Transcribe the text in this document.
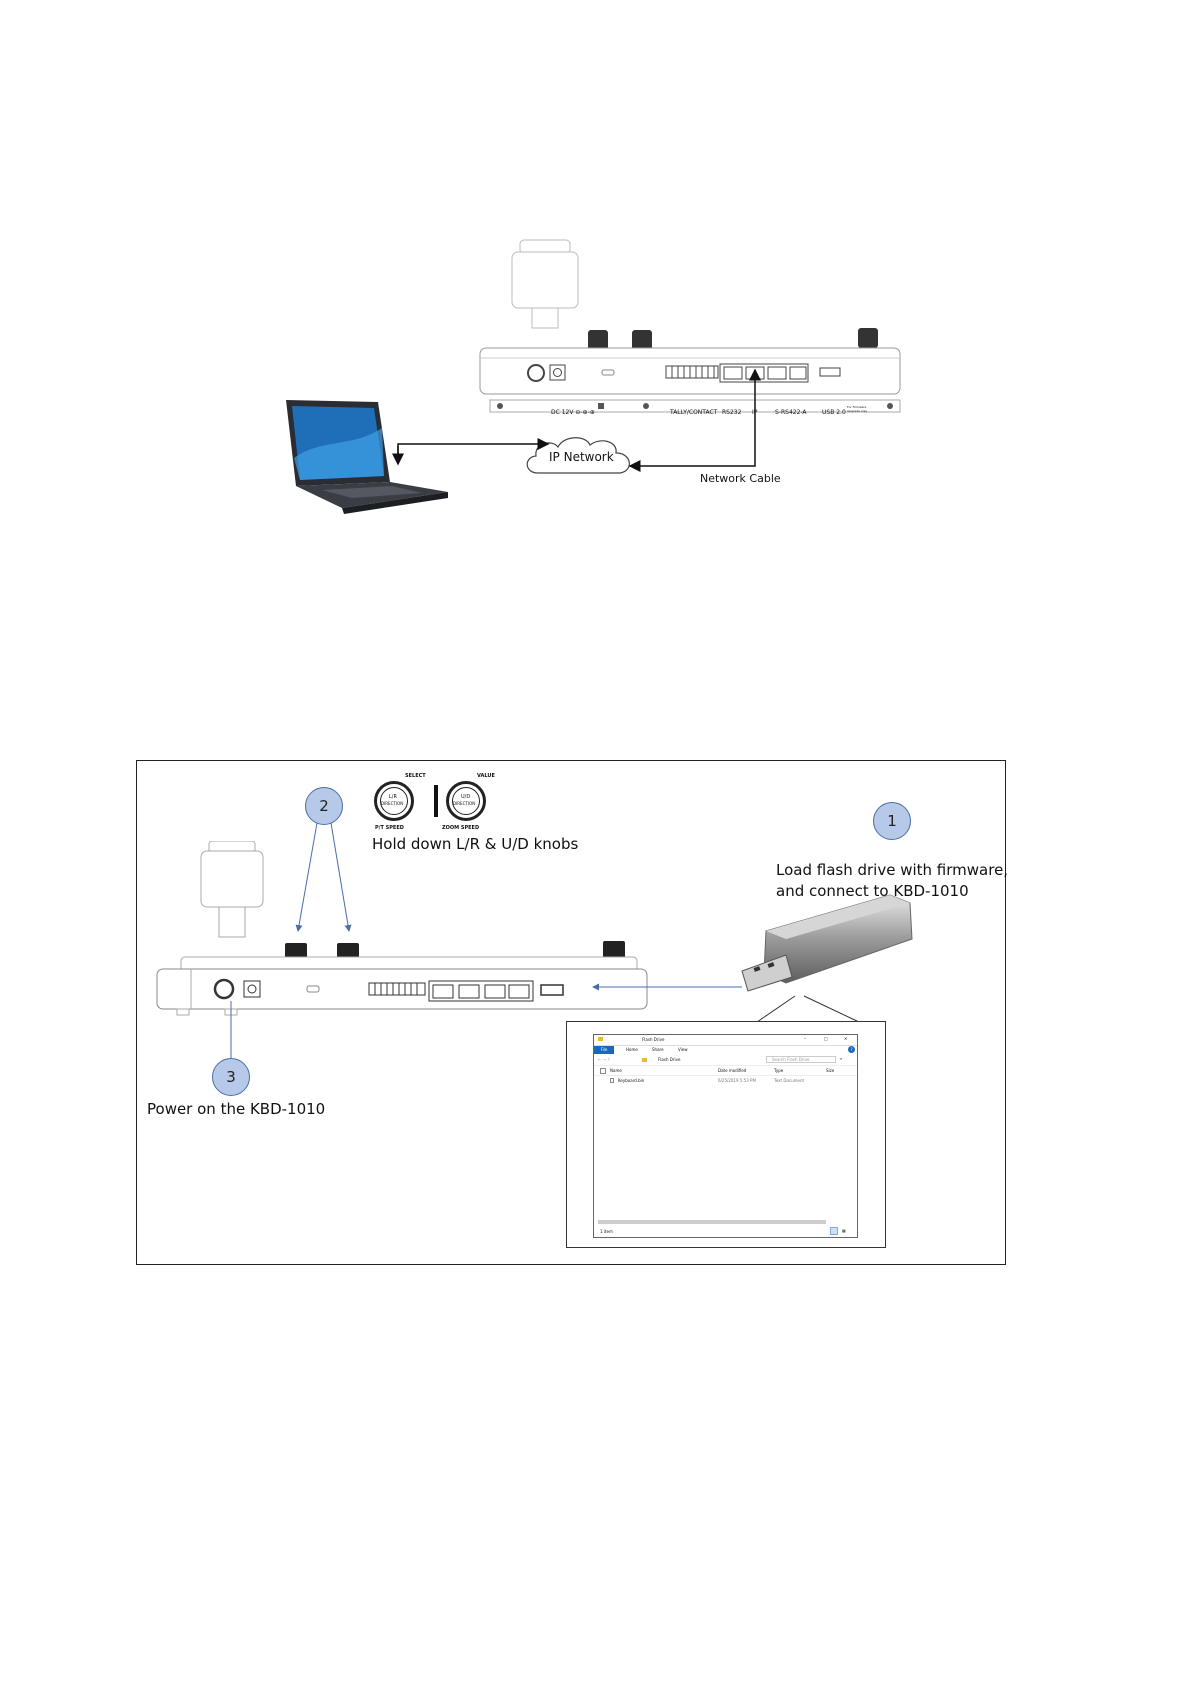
DC 12V ⊖-⊕-⊕	TALLY/CONTACT RS232 IP	S-RS422-A	USB 2.0
For Firmware Upgrade only
IP Network
Network Cable
SELECT
L/R
DIRECTION
P/T SPEED
VALUE
U/D
DIRECTION
ZOOM SPEED
Hold down L/R & U/D knobs
2
1
3
Load flash drive with firmware,
and connect to KBD-1010
Power on the KBD-1010
Flash Drive	–	□	✕
File	Home	Share	View	?
← → ↑	Flash Drive	Search Flash Drive	⌕
Name	Date modified	Type	Size
Keyboard.bin	6/25/2019 5:53 PM	Text Document
1 item	▦
